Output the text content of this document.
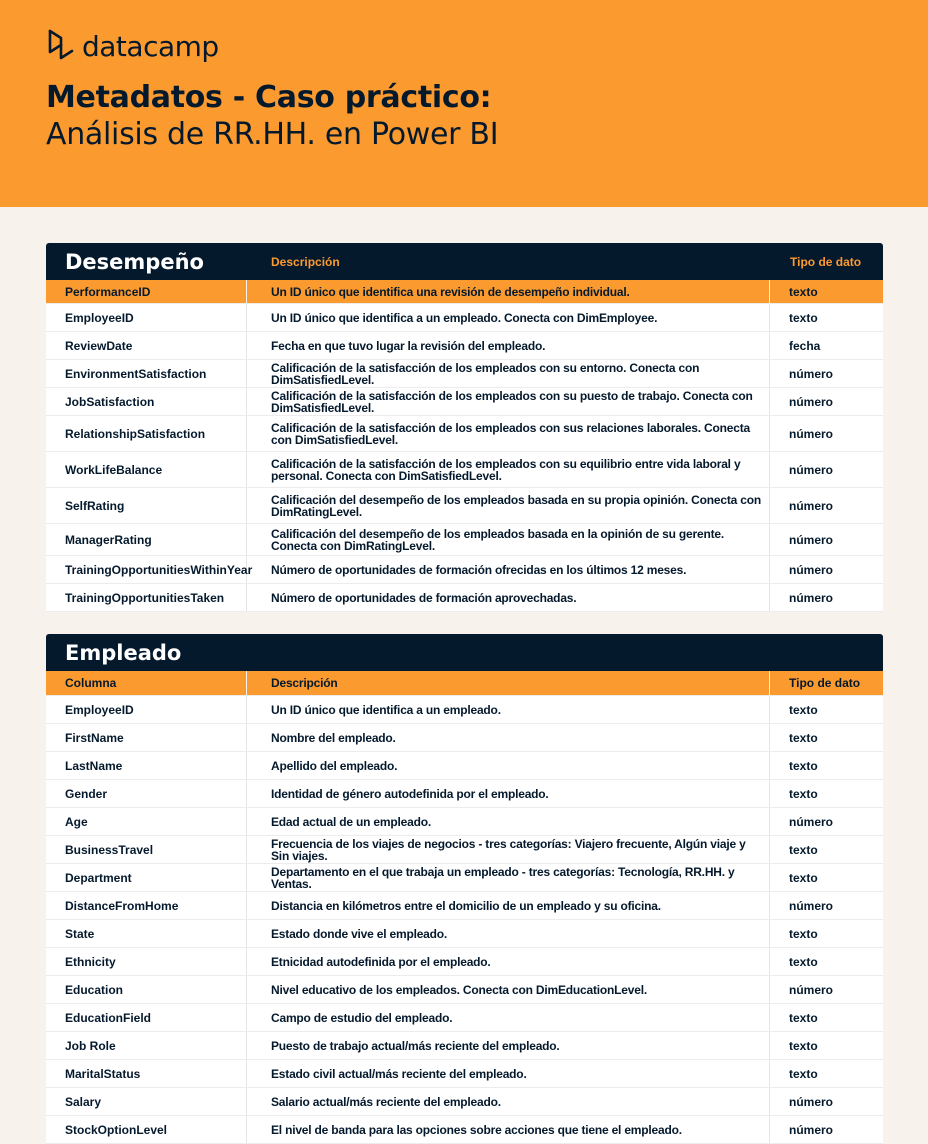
datacamp
Metadatos - Caso práctico:
Análisis de RR.HH. en Power BI
Desempeño	Descripción	Tipo de dato
PerformanceID	Un ID único que identifica una revisión de desempeño individual.	texto
EmployeeID	Un ID único que identifica a un empleado. Conecta con DimEmployee.	texto
ReviewDate	Fecha en que tuvo lugar la revisión del empleado.	fecha
EnvironmentSatisfaction	Calificación de la satisfacción de los empleados con su entorno. Conecta con DimSatisfiedLevel.	número
JobSatisfaction	Calificación de la satisfacción de los empleados con su puesto de trabajo. Conecta con DimSatisfiedLevel.	número
RelationshipSatisfaction	Calificación de la satisfacción de los empleados con sus relaciones laborales. Conecta con DimSatisfiedLevel.	número
WorkLifeBalance	Calificación de la satisfacción de los empleados con su equilibrio entre vida laboral y personal. Conecta con DimSatisfiedLevel.	número
SelfRating	Calificación del desempeño de los empleados basada en su propia opinión. Conecta con DimRatingLevel.	número
ManagerRating	Calificación del desempeño de los empleados basada en la opinión de su gerente. Conecta con DimRatingLevel.	número
TrainingOpportunitiesWithinYear	Número de oportunidades de formación ofrecidas en los últimos 12 meses.	número
TrainingOpportunitiesTaken	Número de oportunidades de formación aprovechadas.	número
Empleado
Columna	Descripción	Tipo de dato
EmployeeID	Un ID único que identifica a un empleado.	texto
FirstName	Nombre del empleado.	texto
LastName	Apellido del empleado.	texto
Gender	Identidad de género autodefinida por el empleado.	texto
Age	Edad actual de un empleado.	número
BusinessTravel	Frecuencia de los viajes de negocios - tres categorías: Viajero frecuente, Algún viaje y Sin viajes.	texto
Department	Departamento en el que trabaja un empleado - tres categorías: Tecnología, RR.HH. y Ventas.	texto
DistanceFromHome	Distancia en kilómetros entre el domicilio de un empleado y su oficina.	número
State	Estado donde vive el empleado.	texto
Ethnicity	Etnicidad autodefinida por el empleado.	texto
Education	Nivel educativo de los empleados. Conecta con DimEducationLevel.	número
EducationField	Campo de estudio del empleado.	texto
Job Role	Puesto de trabajo actual/más reciente del empleado.	texto
MaritalStatus	Estado civil actual/más reciente del empleado.	texto
Salary	Salario actual/más reciente del empleado.	número
StockOptionLevel	El nivel de banda para las opciones sobre acciones que tiene el empleado.	número
